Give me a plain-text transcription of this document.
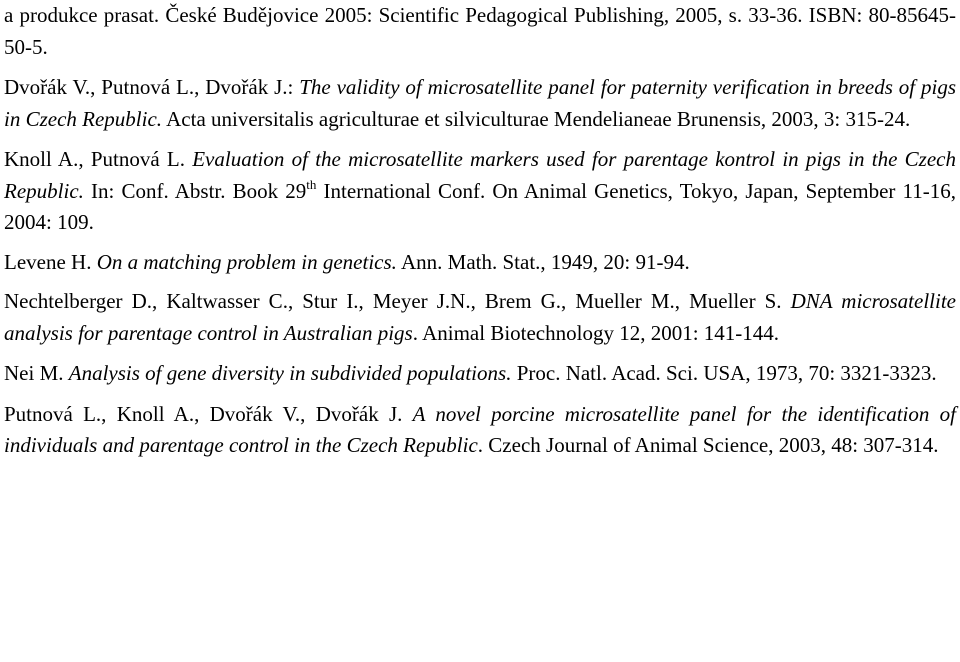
a produkce prasat. České Budějovice 2005: Scientific Pedagogical Publishing, 2005, s. 33-36. ISBN: 80-85645-50-5.

Dvořák V., Putnová L., Dvořák J.: The validity of microsatellite panel for paternity verification in breeds of pigs in Czech Republic. Acta universitalis agriculturae et silviculturae Mendelianeae Brunensis, 2003, 3: 315-24.

Knoll A., Putnová L. Evaluation of the microsatellite markers used for parentage kontrol in pigs in the Czech Republic. In: Conf. Abstr. Book 29th International Conf. On Animal Genetics, Tokyo, Japan, September 11-16, 2004: 109.

Levene H. On a matching problem in genetics. Ann. Math. Stat., 1949, 20: 91-94.

Nechtelberger D., Kaltwasser C., Stur I., Meyer J.N., Brem G., Mueller M., Mueller S. DNA microsatellite analysis for parentage control in Australian pigs. Animal Biotechnology 12, 2001: 141-144.

Nei M. Analysis of gene diversity in subdivided populations. Proc. Natl. Acad. Sci. USA, 1973, 70: 3321-3323.

Putnová L., Knoll A., Dvořák V., Dvořák J. A novel porcine microsatellite panel for the identification of individuals and parentage control in the Czech Republic. Czech Journal of Animal Science, 2003, 48: 307-314.
